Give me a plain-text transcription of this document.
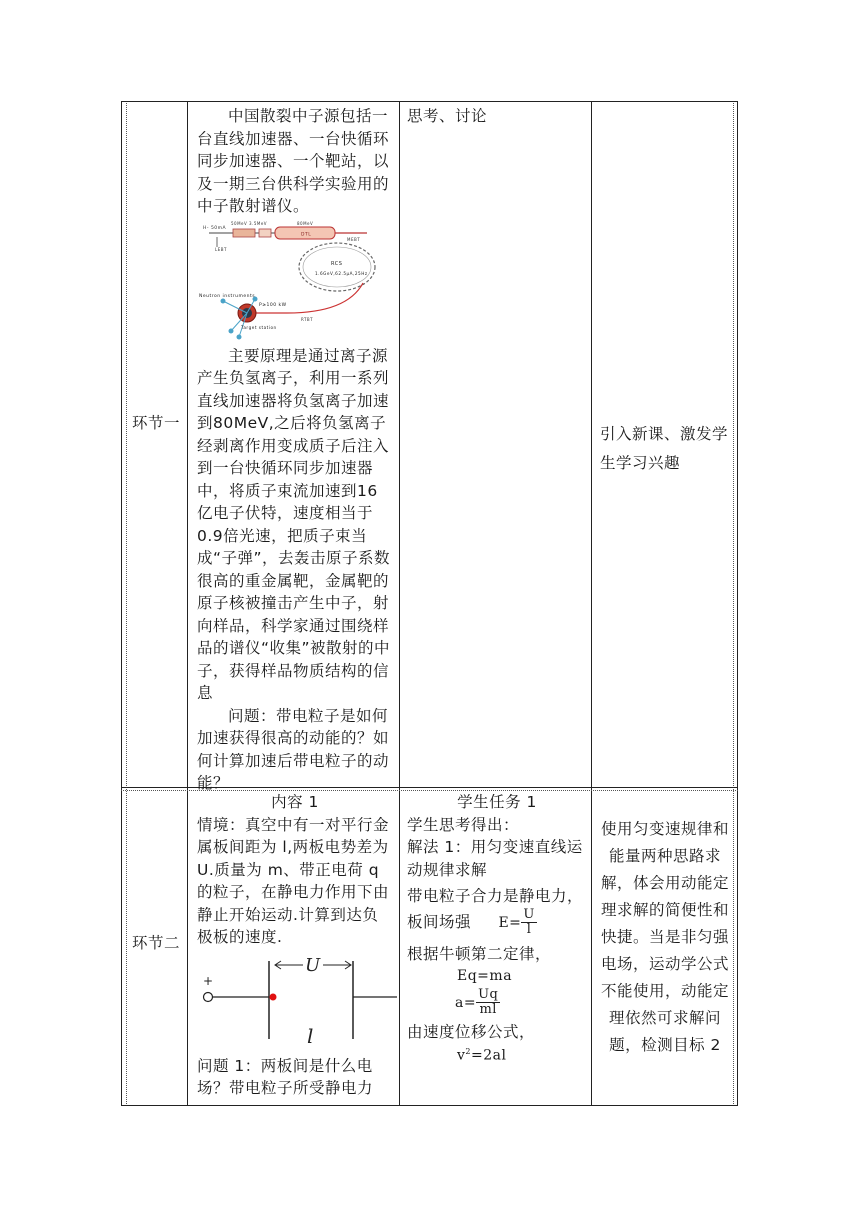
环节一

中国散裂中子源包括一台直线加速器、一台快循环同步加速器、一个靶站，以及一期三台供科学实验用的中子散射谱仪。

H- 50mA
50MeV 3.5MeV	80MeV
DTL
LEBT
MEBT
RCS
1.6GeV,62.5μA,25Hz
RTBT
Neutron instruments
P≥100 kW
Target station

主要原理是通过离子源产生负氢离子，利用一系列直线加速器将负氢离子加速到80MeV,之后将负氢离子经剥离作用变成质子后注入到一台快循环同步加速器中，将质子束流加速到16亿电子伏特，速度相当于0.9倍光速，把质子束当成“子弹”，去轰击原子系数很高的重金属靶，金属靶的原子核被撞击产生中子，射向样品，科学家通过围绕样品的谱仪“收集”被散射的中子，获得样品物质结构的信息

问题：带电粒子是如何加速获得很高的动能的？如何计算加速后带电粒子的动能？

思考、讨论
引入新课、激发学生学习兴趣
环节二

内容 1

情境：真空中有一对平行金属板间距为 l,两板电势差为 U.质量为 m、带正电荷 q 的粒子，在静电力作用下由静止开始运动.计算到达负极板的速度.

+
U
l

问题 1：两板间是什么电场？带电粒子所受静电力

学生任务 1

学生思考得出：

解法 1：用匀变速直线运动规律求解

带电粒子合力是静电力，板间场强 $E= \frac{U}{l}$

根据牛顿第二定律，

Eq=ma

$a= \frac{Uq}{ml}$

由速度位移公式，

$v^2=2al$

使用匀变速规律和能量两种思路求解，体会用动能定理求解的简便性和快捷。当是非匀强电场，运动学公式不能使用，动能定理依然可求解问题，检测目标 2
